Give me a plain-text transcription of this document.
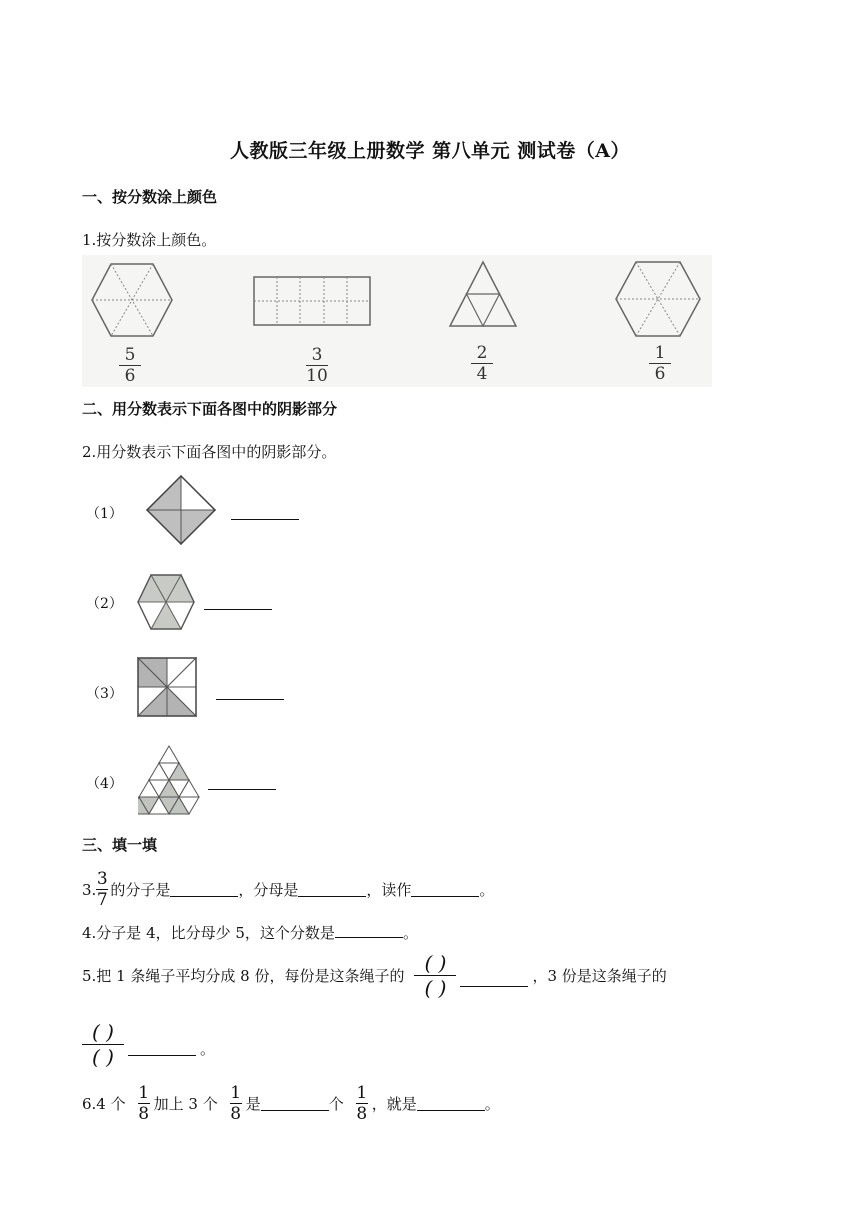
人教版三年级上册数学 第八单元 测试卷（A）
一、按分数涂上颜色
1.按分数涂上颜色。
5
6
3
10
2
4
1
6
二、用分数表示下面各图中的阴影部分
2.用分数表示下面各图中的阴影部分。
（1）
（2）
（3）
（4）
三、填一填
3. $\frac{3}{7}$ 的分子是	，分母是	，读作	。
4.分子是 4，比分母少 5，这个分数是	。
5.把 1 条绳子平均分成 8 份，每份是这条绳子的
( )
( )	，3 份是这条绳子的
( )
( )	。
6.4 个 $\frac{1}{8}$ 加上 3 个 $\frac{1}{8}$ 是	个 $\frac{1}{8}$ ，就是	。
